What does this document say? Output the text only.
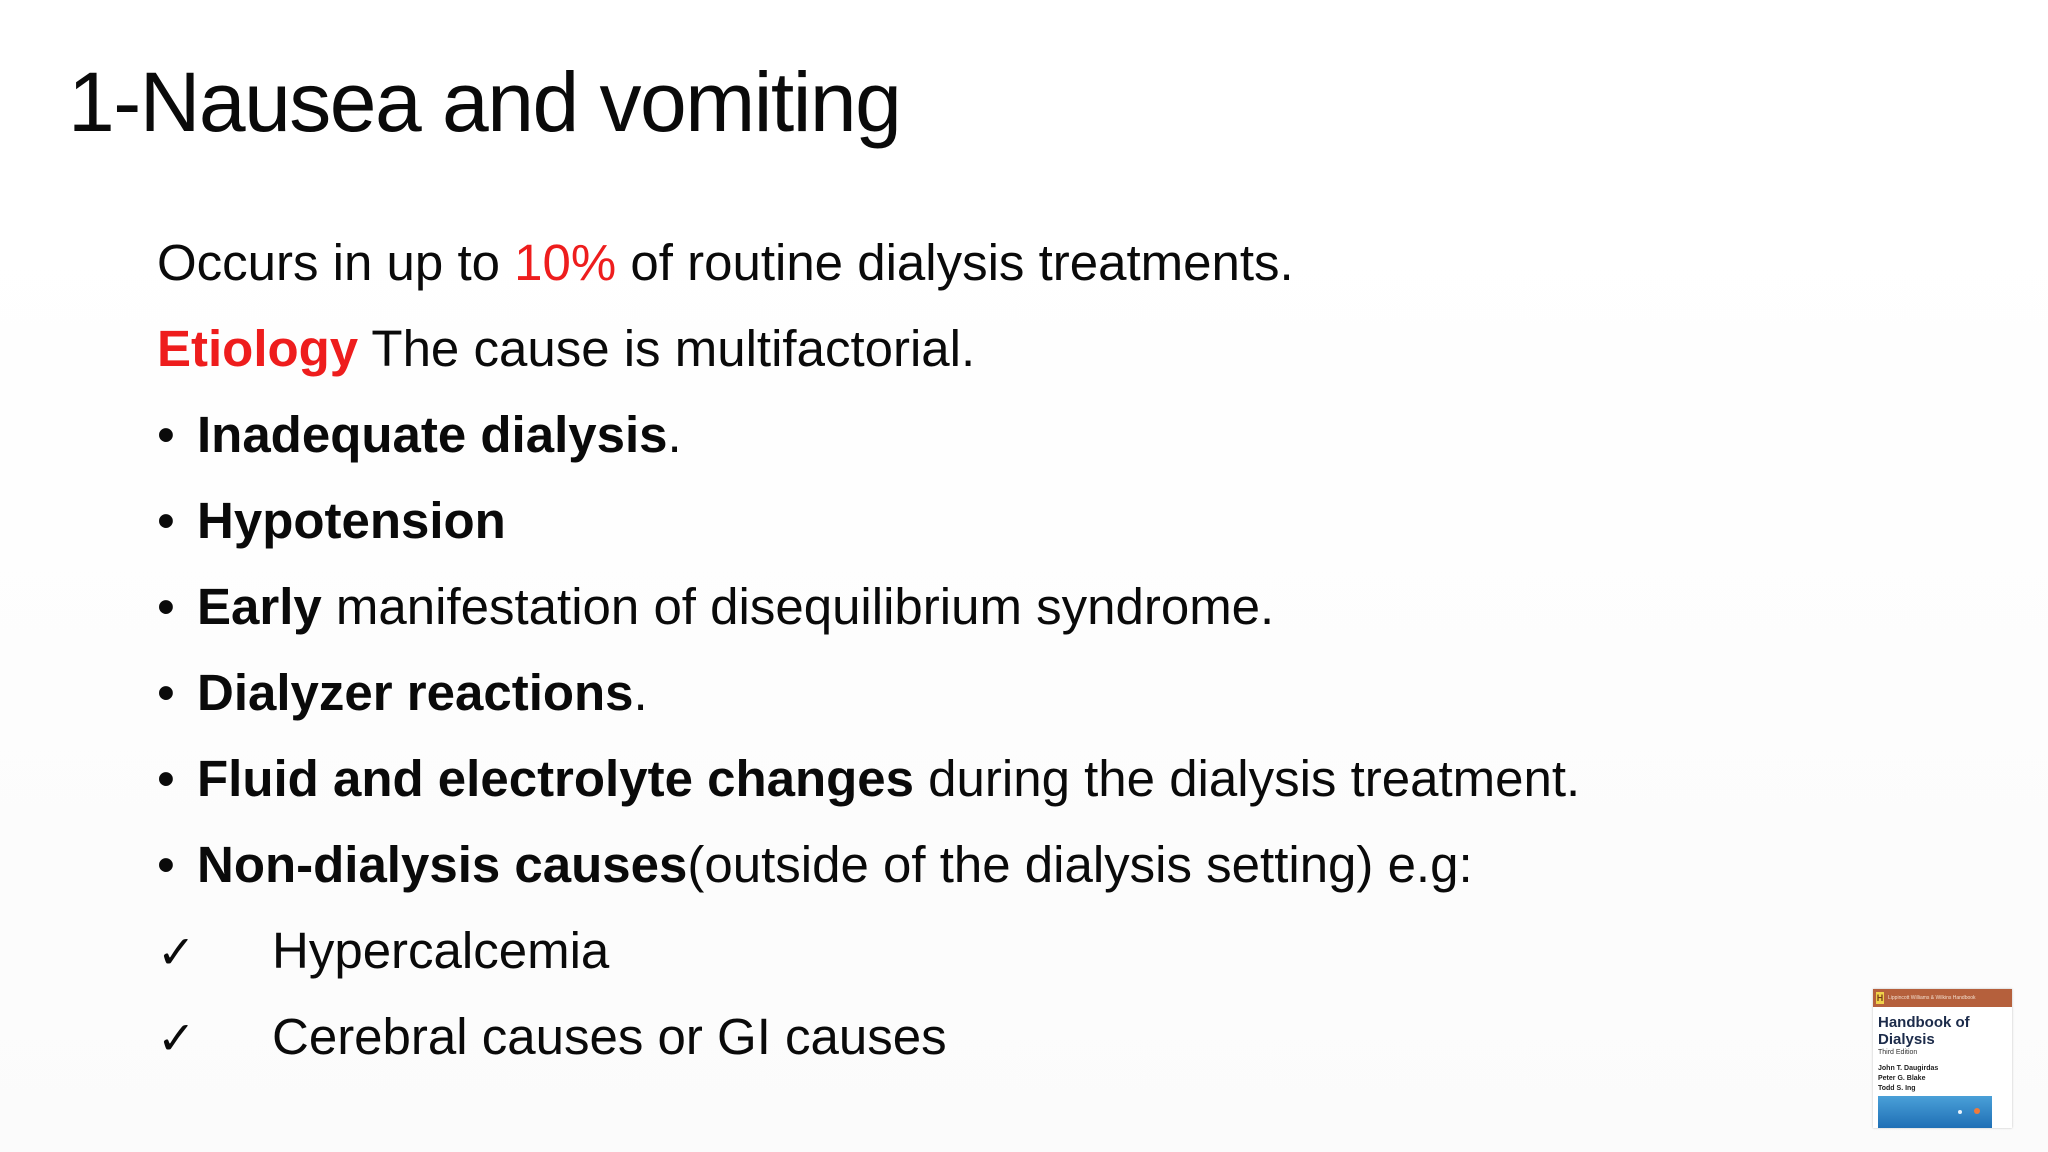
1-Nausea and vomiting
Occurs in up to 10% of routine dialysis treatments.
Etiology The cause is multifactorial.
• Inadequate dialysis.
• Hypotension
• Early manifestation of disequilibrium syndrome.
• Dialyzer reactions.
• Fluid and electrolyte changes during the dialysis treatment.
• Non-dialysis causes(outside of the dialysis setting) e.g:
✓ Hypercalcemia
✓ Cerebral causes or GI causes
H Lippincott Williams & Wilkins Handbook
Handbook of
Dialysis
Third Edition
John T. Daugirdas
Peter G. Blake
Todd S. Ing
